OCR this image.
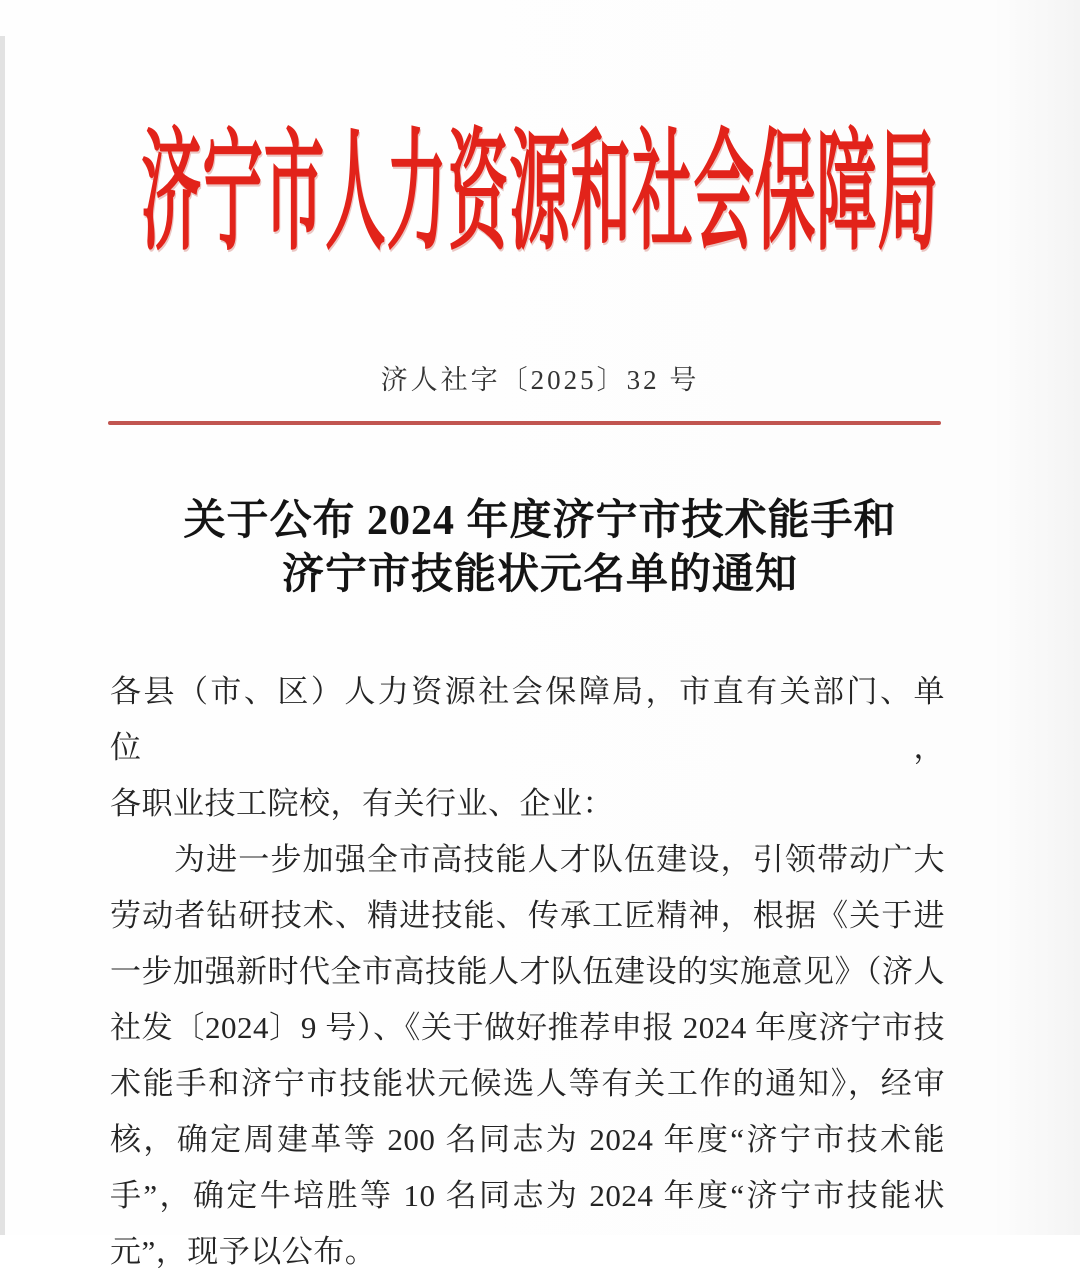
济宁市人力资源和社会保障局
济人社字〔2025〕32 号
关于公布 2024 年度济宁市技术能手和
济宁市技能状元名单的通知
各县（市、区）人力资源社会保障局，市直有关部门、单位，
各职业技工院校，有关行业、企业：
为进一步加强全市高技能人才队伍建设，引领带动广大
劳动者钻研技术、精进技能、传承工匠精神，根据《关于进
一步加强新时代全市高技能人才队伍建设的实施意见》（济人
社发〔2024〕9 号）、《关于做好推荐申报 2024 年度济宁市技
术能手和济宁市技能状元候选人等有关工作的通知》，经审
核，确定周建革等 200 名同志为 2024 年度“济宁市技术能
手”，确定牛培胜等 10 名同志为 2024 年度“济宁市技能状
元”，现予以公布。
